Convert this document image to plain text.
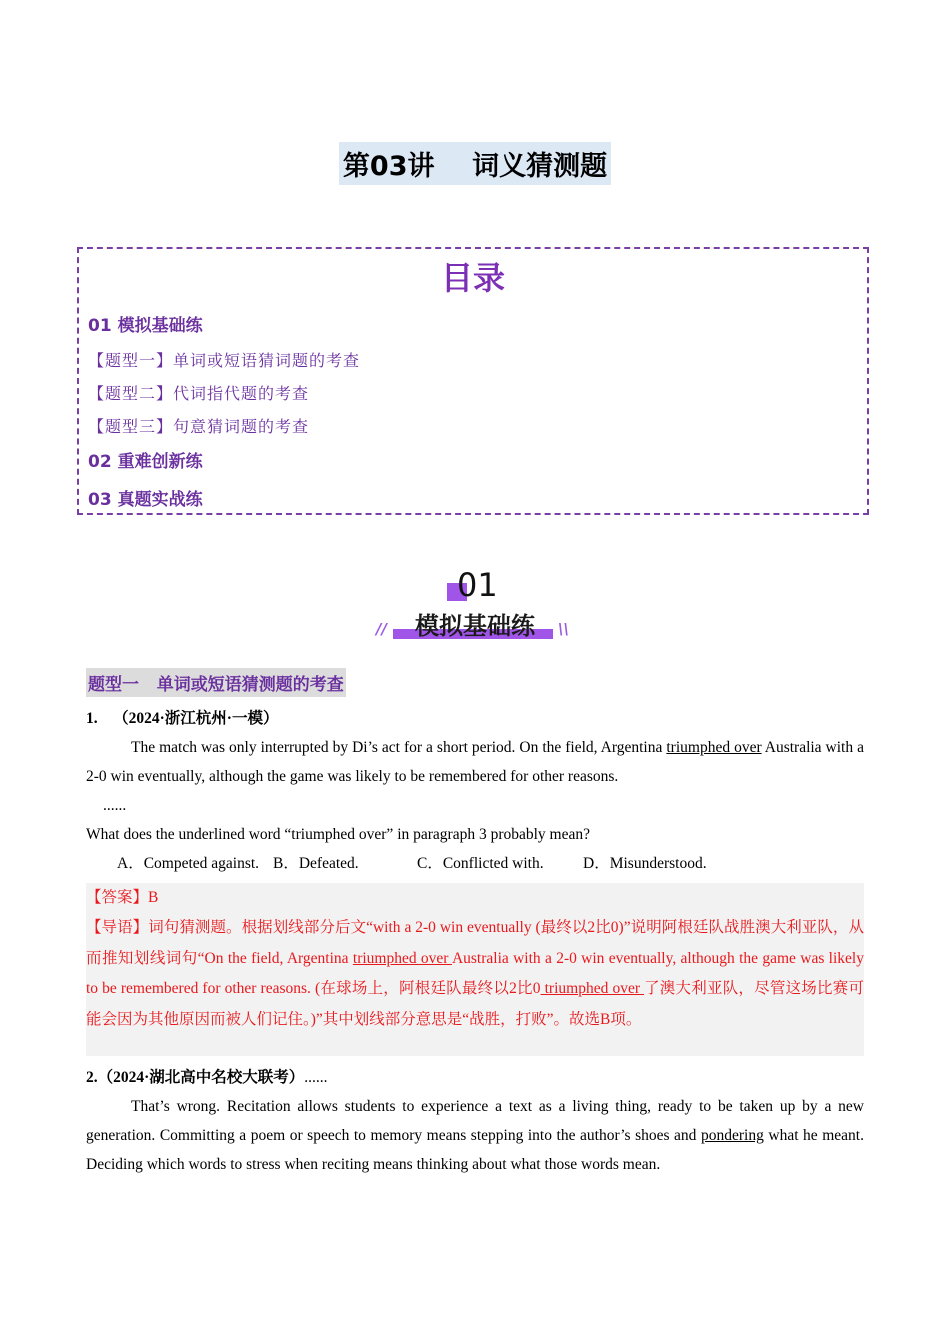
第03讲    词义猜测题
目录
01 模拟基础练
【题型一】单词或短语猜词题的考查
【题型二】代词指代题的考查
【题型三】句意猜词题的考查
02 重难创新练
03 真题实战练
01
模拟基础练
//	\\
题型一   单词或短语猜测题的考查
1. （2024·浙江杭州·一模）
The match was only interrupted by Di’s act for a short period. On the field, Argentina triumphed over Australia with a 2-0 win eventually, although the game was likely to be remembered for other reasons.
......
What does the underlined word “triumphed over” in paragraph 3 probably mean?
A．Competed against. B．Defeated.	C．Conflicted with.	D．Misunderstood.

【答案】B

【导语】词句猜测题。根据划线部分后文“with a 2-0 win eventually (最终以2比0)”说明阿根廷队战胜澳大利亚队，从而推知划线词句“On the field, Argentina triumphed over Australia with a 2-0 win eventually, although the game was likely to be remembered for other reasons. (在球场上，阿根廷队最终以2比0 triumphed over 了澳大利亚队，尽管这场比赛可能会因为其他原因而被人们记住。)”其中划线部分意思是“战胜，打败”。故选B项。

2.（2024·湖北高中名校大联考）......
That’s wrong. Recitation allows students to experience a text as a living thing, ready to be taken up by a new generation. Committing a poem or speech to memory means stepping into the author’s shoes and pondering what he meant. Deciding which words to stress when reciting means thinking about what those words mean.
